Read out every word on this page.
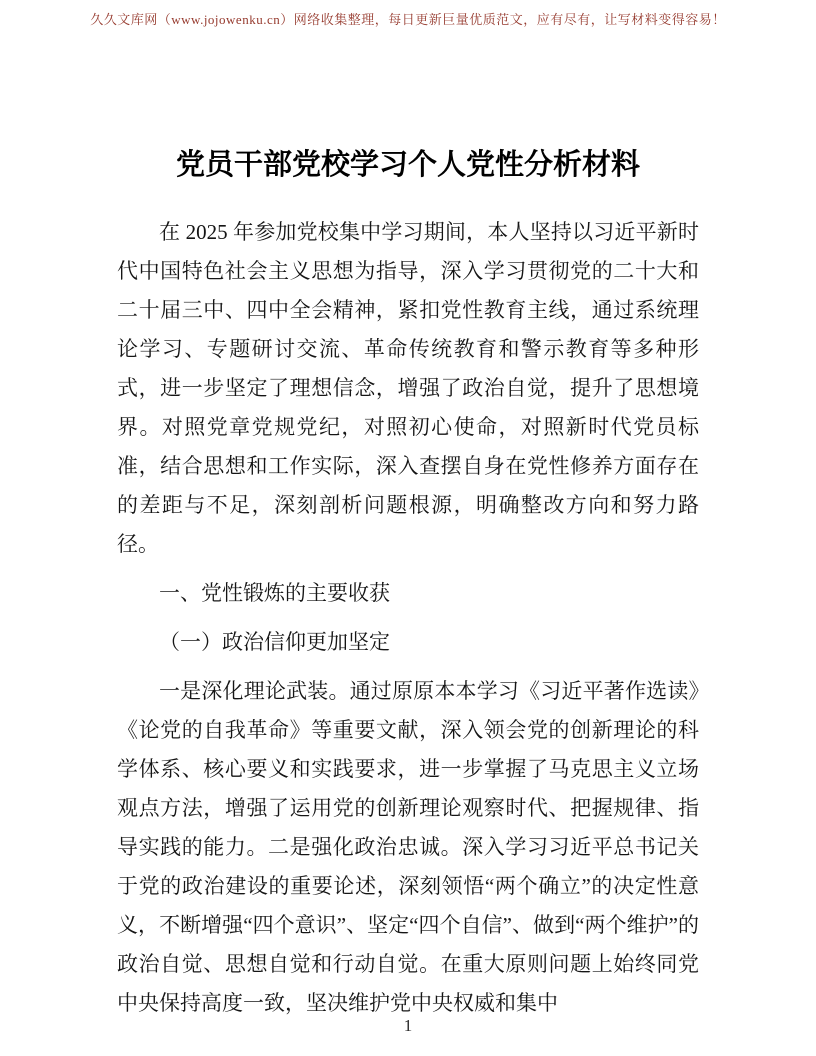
久久文库网（www.jojowenku.cn）网络收集整理，每日更新巨量优质范文，应有尽有，让写材料变得容易！
党员干部党校学习个人党性分析材料

在 2025 年参加党校集中学习期间，本人坚持以习近平新时代中国特色社会主义思想为指导，深入学习贯彻党的二十大和二十届三中、四中全会精神，紧扣党性教育主线，通过系统理论学习、专题研讨交流、革命传统教育和警示教育等多种形式，进一步坚定了理想信念，增强了政治自觉，提升了思想境界。对照党章党规党纪，对照初心使命，对照新时代党员标准，结合思想和工作实际，深入查摆自身在党性修养方面存在的差距与不足，深刻剖析问题根源，明确整改方向和努力路径。

一、党性锻炼的主要收获

（一）政治信仰更加坚定

一是深化理论武装。通过原原本本学习《习近平著作选读》《论党的自我革命》等重要文献，深入领会党的创新理论的科学体系、核心要义和实践要求，进一步掌握了马克思主义立场观点方法，增强了运用党的创新理论观察时代、把握规律、指导实践的能力。二是强化政治忠诚。深入学习习近平总书记关于党的政治建设的重要论述，深刻领悟“两个确立”的决定性意义，不断增强“四个意识”、坚定“四个自信”、做到“两个维护”的政治自觉、思想自觉和行动自觉。在重大原则问题上始终同党中央保持高度一致，坚决维护党中央权威和集中

1
